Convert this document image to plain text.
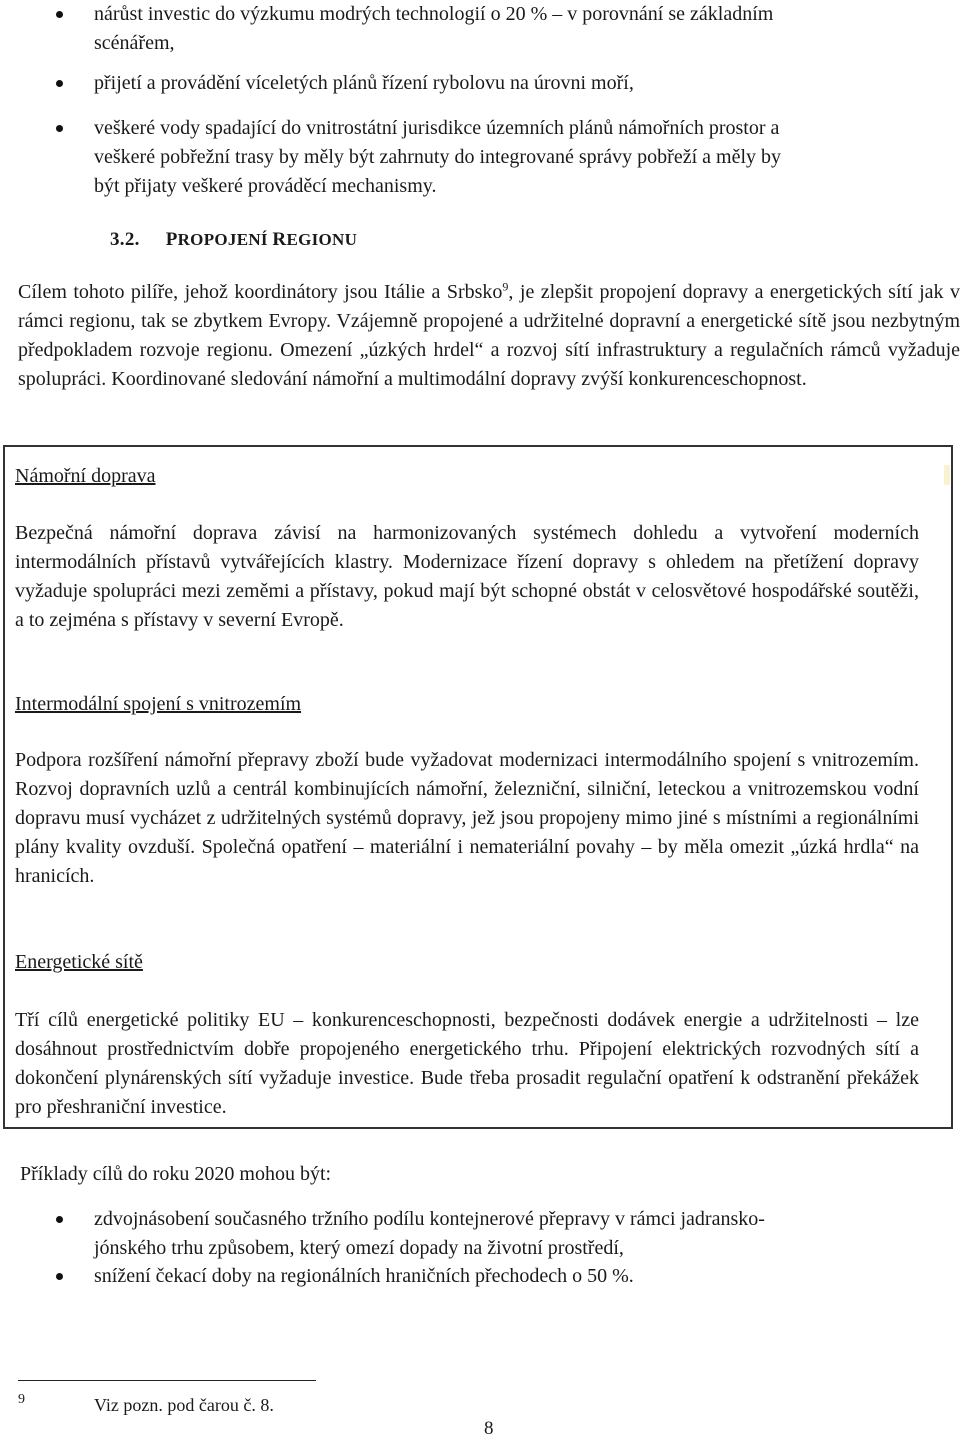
nárůst investic do výzkumu modrých technologií o 20 % – v porovnání se základním
scénářem,
přijetí a provádění víceletých plánů řízení rybolovu na úrovni moří,
veškeré vody spadající do vnitrostátní jurisdikce územních plánů námořních prostor a
veškeré pobřežní trasy by měly být zahrnuty do integrované správy pobřeží a měly by
být přijaty veškeré prováděcí mechanismy.
3.2. PROPOJENÍ REGIONU

Cílem tohoto pilíře, jehož koordinátory jsou Itálie a Srbsko$^9$, je zlepšit propojení dopravy a energetických sítí jak v rámci regionu, tak se zbytkem Evropy. Vzájemně propojené a udržitelné dopravní a energetické sítě jsou nezbytným předpokladem rozvoje regionu. Omezení „úzkých hrdel“ a rozvoj sítí infrastruktury a regulačních rámců vyžaduje spolupráci. Koordinované sledování námořní a multimodální dopravy zvýší konkurenceschopnost.

Námořní doprava

Bezpečná námořní doprava závisí na harmonizovaných systémech dohledu a vytvoření moderních intermodálních přístavů vytvářejících klastry. Modernizace řízení dopravy s ohledem na přetížení dopravy vyžaduje spolupráci mezi zeměmi a přístavy, pokud mají být schopné obstát v celosvětové hospodářské soutěži, a to zejména s přístavy v severní Evropě.

Intermodální spojení s vnitrozemím

Podpora rozšíření námořní přepravy zboží bude vyžadovat modernizaci intermodálního spojení s vnitrozemím. Rozvoj dopravních uzlů a centrál kombinujících námořní, železniční, silniční, leteckou a vnitrozemskou vodní dopravu musí vycházet z udržitelných systémů dopravy, jež jsou propojeny mimo jiné s místními a regionálními plány kvality ovzduší. Společná opatření – materiální i nemateriální povahy – by měla omezit „úzká hrdla“ na hranicích.

Energetické sítě

Tří cílů energetické politiky EU – konkurenceschopnosti, bezpečnosti dodávek energie a udržitelnosti – lze dosáhnout prostřednictvím dobře propojeného energetického trhu. Připojení elektrických rozvodných sítí a dokončení plynárenských sítí vyžaduje investice. Bude třeba prosadit regulační opatření k odstranění překážek pro přeshraniční investice.

Příklady cílů do roku 2020 mohou být:
zdvojnásobení současného tržního podílu kontejnerové přepravy v rámci jadransko-
jónského trhu způsobem, který omezí dopady na životní prostředí,
snížení čekací doby na regionálních hraničních přechodech o 50 %.
9	Viz pozn. pod čarou č. 8.
8
